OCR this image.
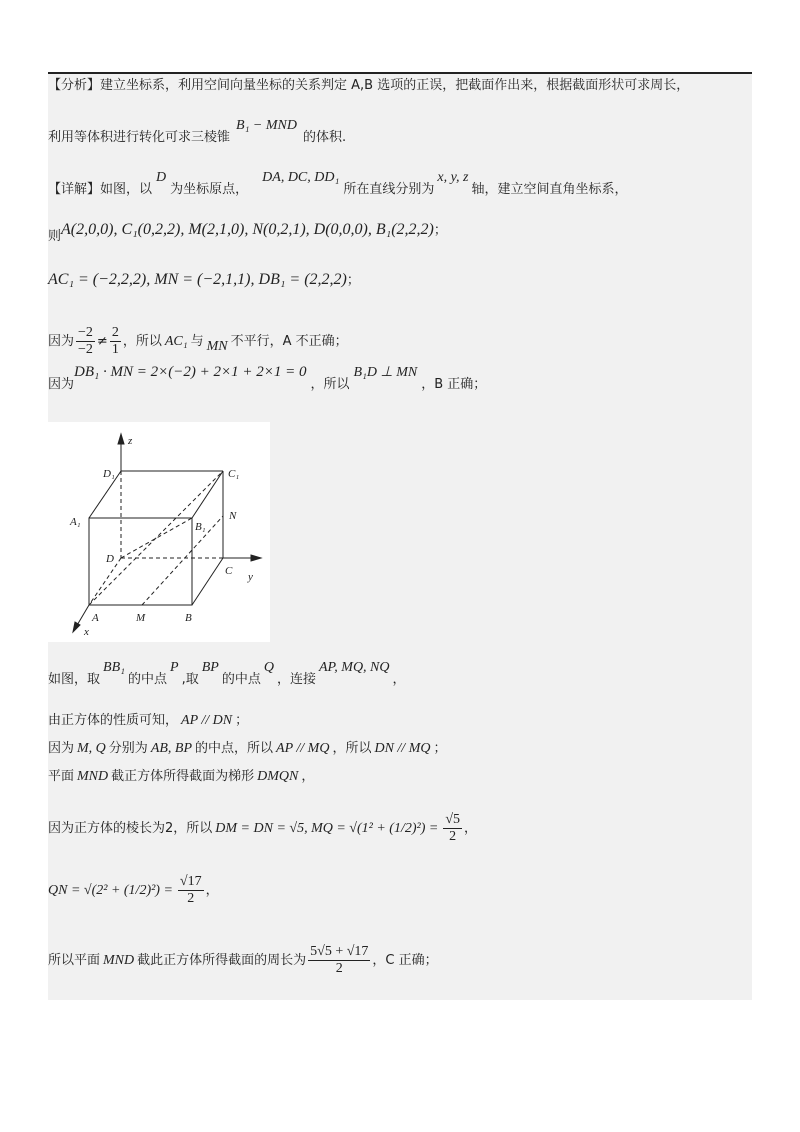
【分析】建立坐标系，利用空间向量坐标的关系判定 A,B 选项的正误，把截面作出来，根据截面形状可求周长，
利用等体积进行转化可求三棱锥B₁ − MND的体积.
【详解】如图，以D为坐标原点，DA, DC, DD₁所在直线分别为x, y, z轴，建立空间直角坐标系，
则A(2,0,0), C₁(0,2,2), M(2,1,0), N(0,2,1), D(0,0,0), B₁(2,2,2)；
AC₁ = (−2,2,2), MN = (−2,1,1), DB₁ = (2,2,2)；
因为 $\frac{-2}{-2} \ne \frac{2}{1}$ ，所以 AC₁ 与 MN 不平行，A 不正确；
因为DB₁ · MN = 2×(−2) + 2×1 + 2×1 = 0，所以B₁D ⊥ MN，B 正确；
z
y
x
D₁	C₁
A₁	B₁
N
D
C
A	M	B
如图，取BB₁的中点P,取BP的中点Q，连接AP, MQ, NQ，
由正方体的性质可知， AP // DN ；
因为 M, Q 分别为 AB, BP 的中点，所以 AP // MQ ，所以 DN // MQ ；
平面 MND 截正方体所得截面为梯形 DMQN ，
因为正方体的棱长为2，所以 DM = DN = √5, MQ = $√(1^2 + (1/2)^2) = \frac{√5}{2}$ ，
QN = $√(2^2 + (1/2)^2) = \frac{√17}{2}$ ，
所以平面 MND 截此正方体所得截面的周长为 $\frac{5√5 + √17}{2}$ ，C 正确；
